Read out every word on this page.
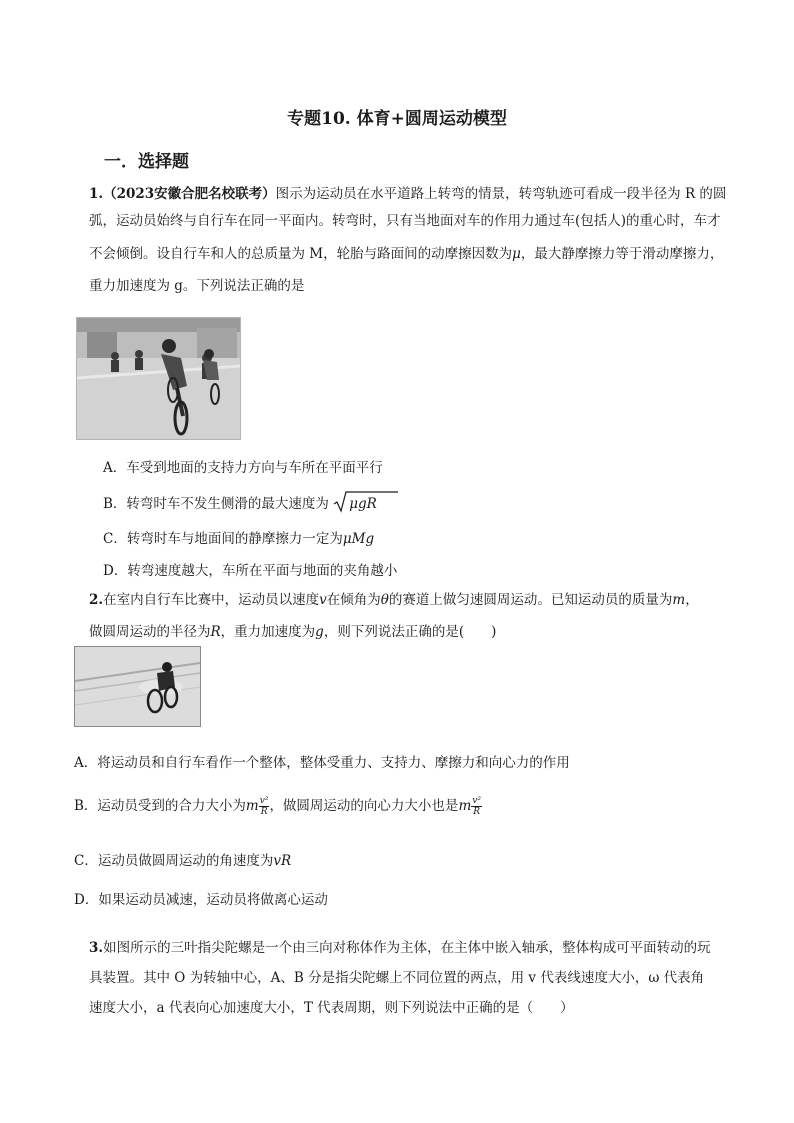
专题10. 体育+圆周运动模型
一．选择题
1.（2023安徽合肥名校联考）图示为运动员在水平道路上转弯的情景，转弯轨迹可看成一段半径为 R 的圆
弧，运动员始终与自行车在同一平面内。转弯时，只有当地面对车的作用力通过车(包括人)的重心时，车才
不会倾倒。设自行车和人的总质量为 M，轮胎与路面间的动摩擦因数为μ，最大静摩擦力等于滑动摩擦力，
重力加速度为 g。下列说法正确的是
A．车受到地面的支持力方向与车所在平面平行
B．转弯时车不发生侧滑的最大速度为 μgR
C．转弯时车与地面间的静摩擦力一定为μMg
D．转弯速度越大，车所在平面与地面的夹角越小
2.在室内自行车比赛中，运动员以速度v在倾角为θ的赛道上做匀速圆周运动。已知运动员的质量为m，
做圆周运动的半径为R，重力加速度为g，则下列说法正确的是(　　)
A．将运动员和自行车看作一个整体，整体受重力、支持力、摩擦力和向心力的作用
B．运动员受到的合力大小为m $\frac{\text{v²}}{R}$ ，做圆周运动的向心力大小也是m $\frac{\text{v²}}{R}$
C．运动员做圆周运动的角速度为vR
D．如果运动员减速，运动员将做离心运动
3.如图所示的三叶指尖陀螺是一个由三向对称体作为主体，在主体中嵌入轴承，整体构成可平面转动的玩
具装置。其中 O 为转轴中心，A、B 分是指尖陀螺上不同位置的两点，用 v 代表线速度大小，ω 代表角
速度大小，a 代表向心加速度大小，T 代表周期，则下列说法中正确的是（　　）
